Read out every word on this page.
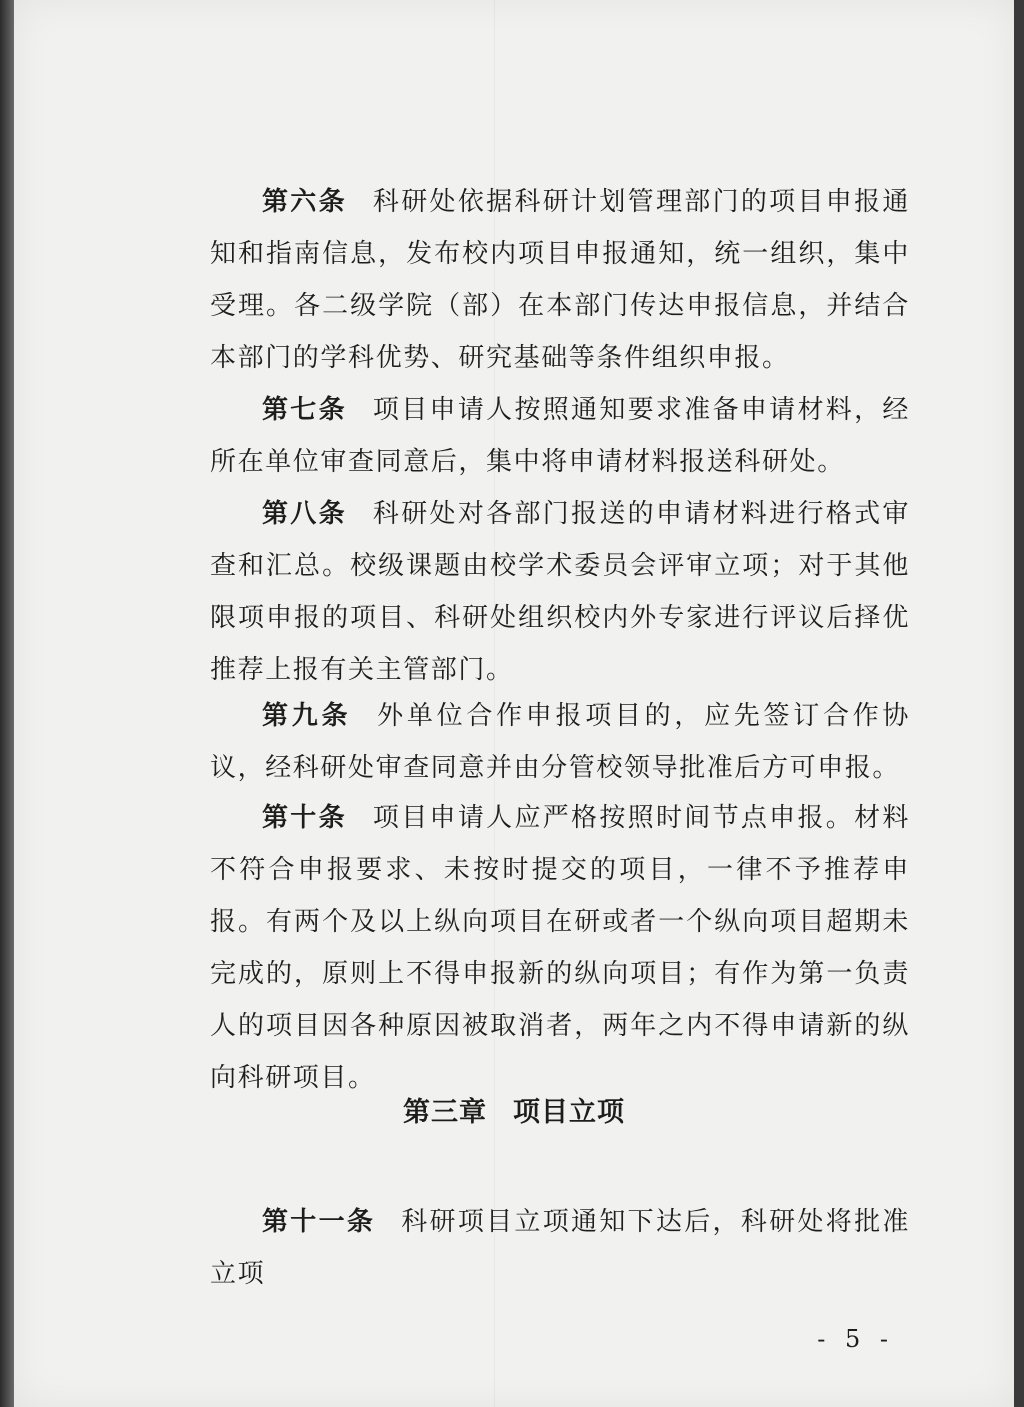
第六条 科研处依据科研计划管理部门的项目申报通知和指南信息，发布校内项目申报通知，统一组织，集中受理。各二级学院（部）在本部门传达申报信息，并结合本部门的学科优势、研究基础等条件组织申报。

第七条 项目申请人按照通知要求准备申请材料，经所在单位审查同意后，集中将申请材料报送科研处。

第八条 科研处对各部门报送的申请材料进行格式审查和汇总。校级课题由校学术委员会评审立项；对于其他限项申报的项目、科研处组织校内外专家进行评议后择优推荐上报有关主管部门。

第九条 外单位合作申报项目的，应先签订合作协议，经科研处审查同意并由分管校领导批准后方可申报。

第十条 项目申请人应严格按照时间节点申报。材料不符合申报要求、未按时提交的项目，一律不予推荐申报。有两个及以上纵向项目在研或者一个纵向项目超期未完成的，原则上不得申报新的纵向项目；有作为第一负责人的项目因各种原因被取消者，两年之内不得申请新的纵向科研项目。

第三章 项目立项

第十一条 科研项目立项通知下达后，科研处将批准立项

- 5 -
